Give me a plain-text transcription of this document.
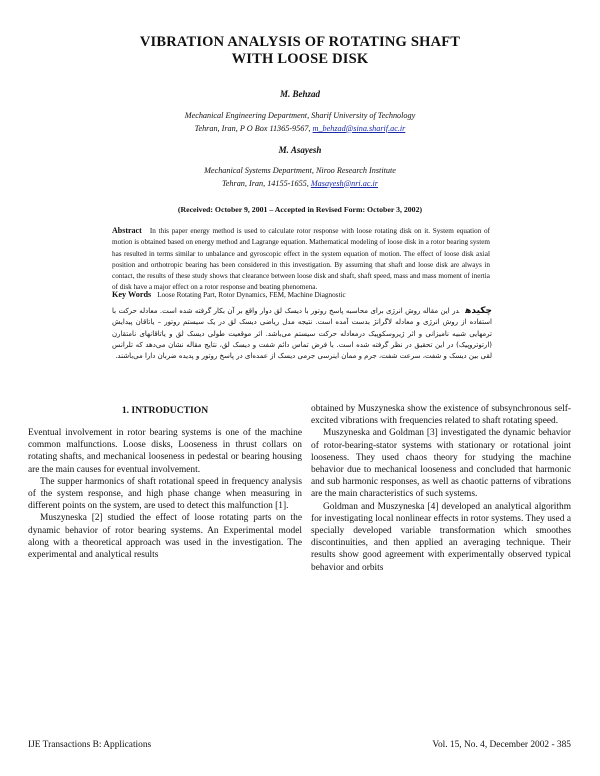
VIBRATION ANALYSIS OF ROTATING SHAFT
WITH LOOSE DISK
M. Behzad
Mechanical Engineering Department, Sharif University of Technology
Tehran, Iran, P O Box 11365-9567, m_behzad@sina.sharif.ac.ir
M. Asayesh
Mechanical Systems Department, Niroo Research Institute
Tehran, Iran, 14155-1655, Masayesh@nri.ac.ir
(Received: October 9, 2001 – Accepted in Revised Form: October 3, 2002)
Abstract In this paper energy method is used to calculate rotor response with loose rotating disk on it. System equation of motion is obtained based on energy method and Lagrange equation. Mathematical modeling of loose disk in a rotor bearing system has resulted in terms similar to unbalance and gyroscopic effect in the system equation of motion. The effect of loose disk axial position and orthotropic bearing has been considered in this investigation. By assuming that shaft and loose disk are always in contact, the results of these study shows that clearance between loose disk and shaft, shaft speed, mass and mass moment of inertia of disk have a major effect on a rotor response and beating phenomena.
Key Words Loose Rotating Part, Rotor Dynamics, FEM, Machine Diagnostic
چکیدهدر این مقاله روش انرژی برای محاسبه پاسخ روتور با دیسک لق دوار واقع بر آن بکار گرفته شده است. معادله حرکت با استفاده از روش انرژی و معادله لاگرانژ بدست آمده است. نتیجه مدل ریاضی دیسک لق در یک سیستم روتور – یاتاقان پیدایش ترمهایی شبیه نامیزانی و اثر ژیروسکوپیک درمعادله حرکت سیستم می‌باشد. اثر موقعیت طولی دیسک لق و یاتاقانهای نامتقارن (ارتوتروپیک) در این تحقیق در نظر گرفته شده است. با فرض تماس دائم شفت و دیسک لق، نتایج مقاله نشان می‌دهد که تلرانس لقی بین دیسک و شفت، سرعت شفت، جرم و ممان اینرسی جرمی دیسک از عمده‌ای در پاسخ روتور و پدیده ضربان دارا می‌باشند.
1. INTRODUCTION

Eventual involvement in rotor bearing systems is one of the machine common malfunctions. Loose disks, Looseness in thrust collars on rotating shafts, and mechanical looseness in pedestal or bearing housing are the main causes for eventual involvement.

The supper harmonics of shaft rotational speed in frequency analysis of the system response, and high phase change when measuring in different points on the system, are used to detect this malfunction [1].

Muszyneska [2] studied the effect of loose rotating parts on the dynamic behavior of rotor bearing systems. An Experimental model along with a theoretical approach was used in the investigation. The experimental and analytical results

obtained by Muszyneska show the existence of subsynchronous self-excited vibrations with frequencies related to shaft rotating speed.

Muszyneska and Goldman [3] investigated the dynamic behavior of rotor-bearing-stator systems with stationary or rotational joint looseness. They used chaos theory for studying the machine behavior due to mechanical looseness and concluded that harmonic and sub harmonic responses, as well as chaotic patterns of vibrations are the main characteristics of such systems.

Goldman and Muszyneska [4] developed an analytical algorithm for investigating local nonlinear effects in rotor systems. They used a specially developed variable transformation which smoothes discontinuities, and then applied an averaging technique. Their results show good agreement with experimentally observed typical behavior and orbits

IJE Transactions B: Applications	Vol. 15, No. 4, December 2002 - 385
